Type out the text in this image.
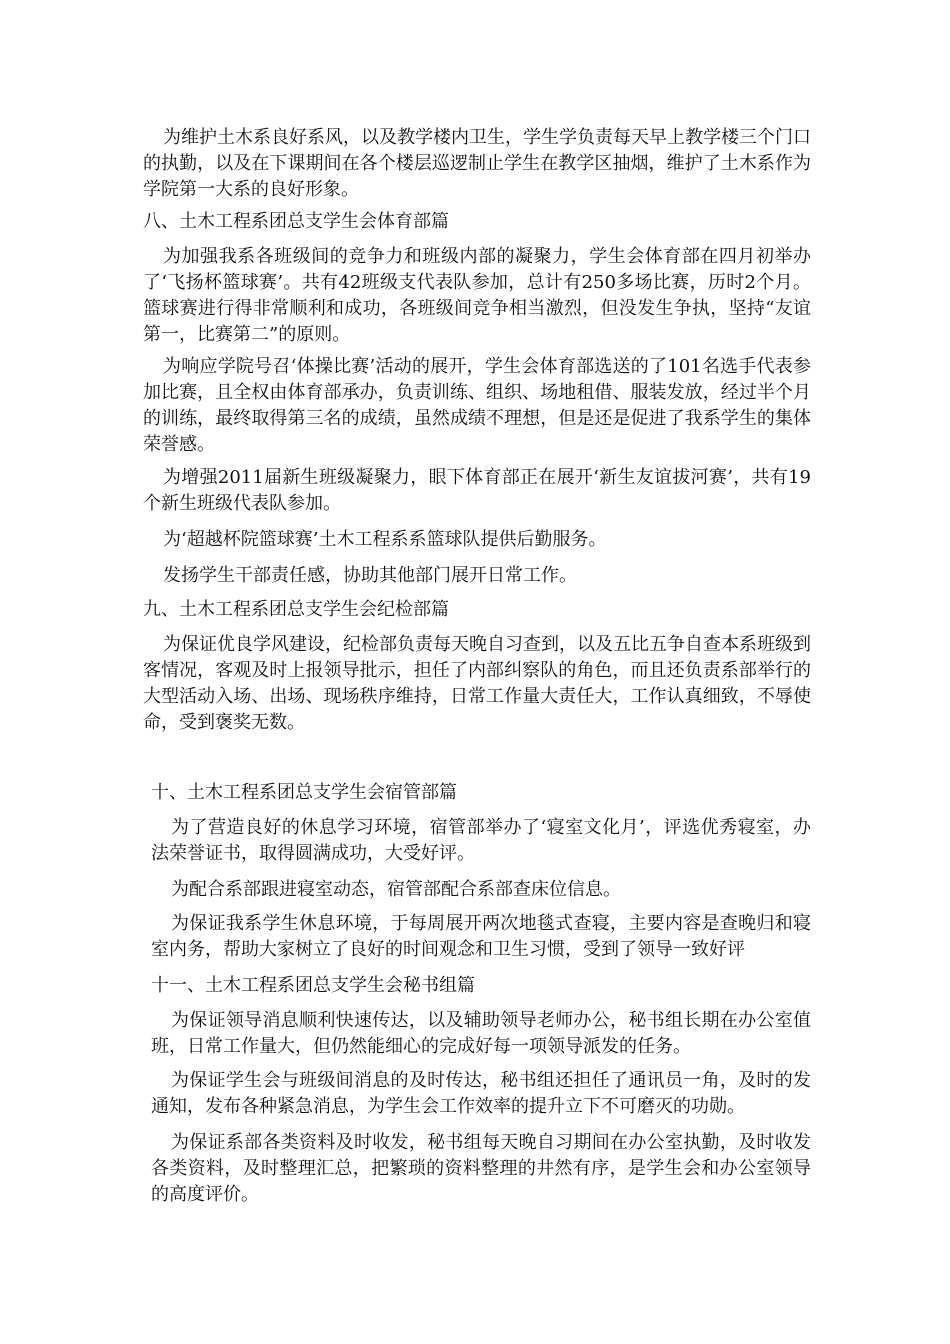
为维护土木系良好系风，以及教学楼内卫生，学生学负责每天早上教学楼三个门口的执勤，以及在下课期间在各个楼层巡逻制止学生在教学区抽烟，维护了土木系作为学院第一大系的良好形象。

八、土木工程系团总支学生会体育部篇

为加强我系各班级间的竞争力和班级内部的凝聚力，学生会体育部在四月初举办了‘飞扬杯篮球赛’。共有42班级支代表队参加，总计有250多场比赛，历时2个月。篮球赛进行得非常顺利和成功，各班级间竞争相当激烈，但没发生争执，坚持“友谊第一，比赛第二”的原则。

为响应学院号召‘体操比赛’活动的展开，学生会体育部选送的了101名选手代表参加比赛，且全权由体育部承办，负责训练、组织、场地租借、服装发放，经过半个月的训练，最终取得第三名的成绩，虽然成绩不理想，但是还是促进了我系学生的集体荣誉感。

为增强2011届新生班级凝聚力，眼下体育部正在展开‘新生友谊拔河赛’，共有19个新生班级代表队参加。

为‘超越杯院篮球赛’土木工程系系篮球队提供后勤服务。

发扬学生干部责任感，协助其他部门展开日常工作。

九、土木工程系团总支学生会纪检部篇

为保证优良学风建设，纪检部负责每天晚自习查到，以及五比五争自查本系班级到客情况，客观及时上报领导批示，担任了内部纠察队的角色，而且还负责系部举行的大型活动入场、出场、现场秩序维持，日常工作量大责任大，工作认真细致，不辱使命，受到褒奖无数。

十、土木工程系团总支学生会宿管部篇

为了营造良好的休息学习环境，宿管部举办了‘寝室文化月’，评选优秀寝室，办法荣誉证书，取得圆满成功，大受好评。

为配合系部跟进寝室动态，宿管部配合系部查床位信息。

为保证我系学生休息环境，于每周展开两次地毯式查寝，主要内容是查晚归和寝室内务，帮助大家树立了良好的时间观念和卫生习惯，受到了领导一致好评

十一、土木工程系团总支学生会秘书组篇

为保证领导消息顺利快速传达，以及辅助领导老师办公，秘书组长期在办公室值班，日常工作量大，但仍然能细心的完成好每一项领导派发的任务。

为保证学生会与班级间消息的及时传达，秘书组还担任了通讯员一角，及时的发通知，发布各种紧急消息，为学生会工作效率的提升立下不可磨灭的功勋。

为保证系部各类资料及时收发，秘书组每天晚自习期间在办公室执勤，及时收发各类资料，及时整理汇总，把繁琐的资料整理的井然有序，是学生会和办公室领导的高度评价。
